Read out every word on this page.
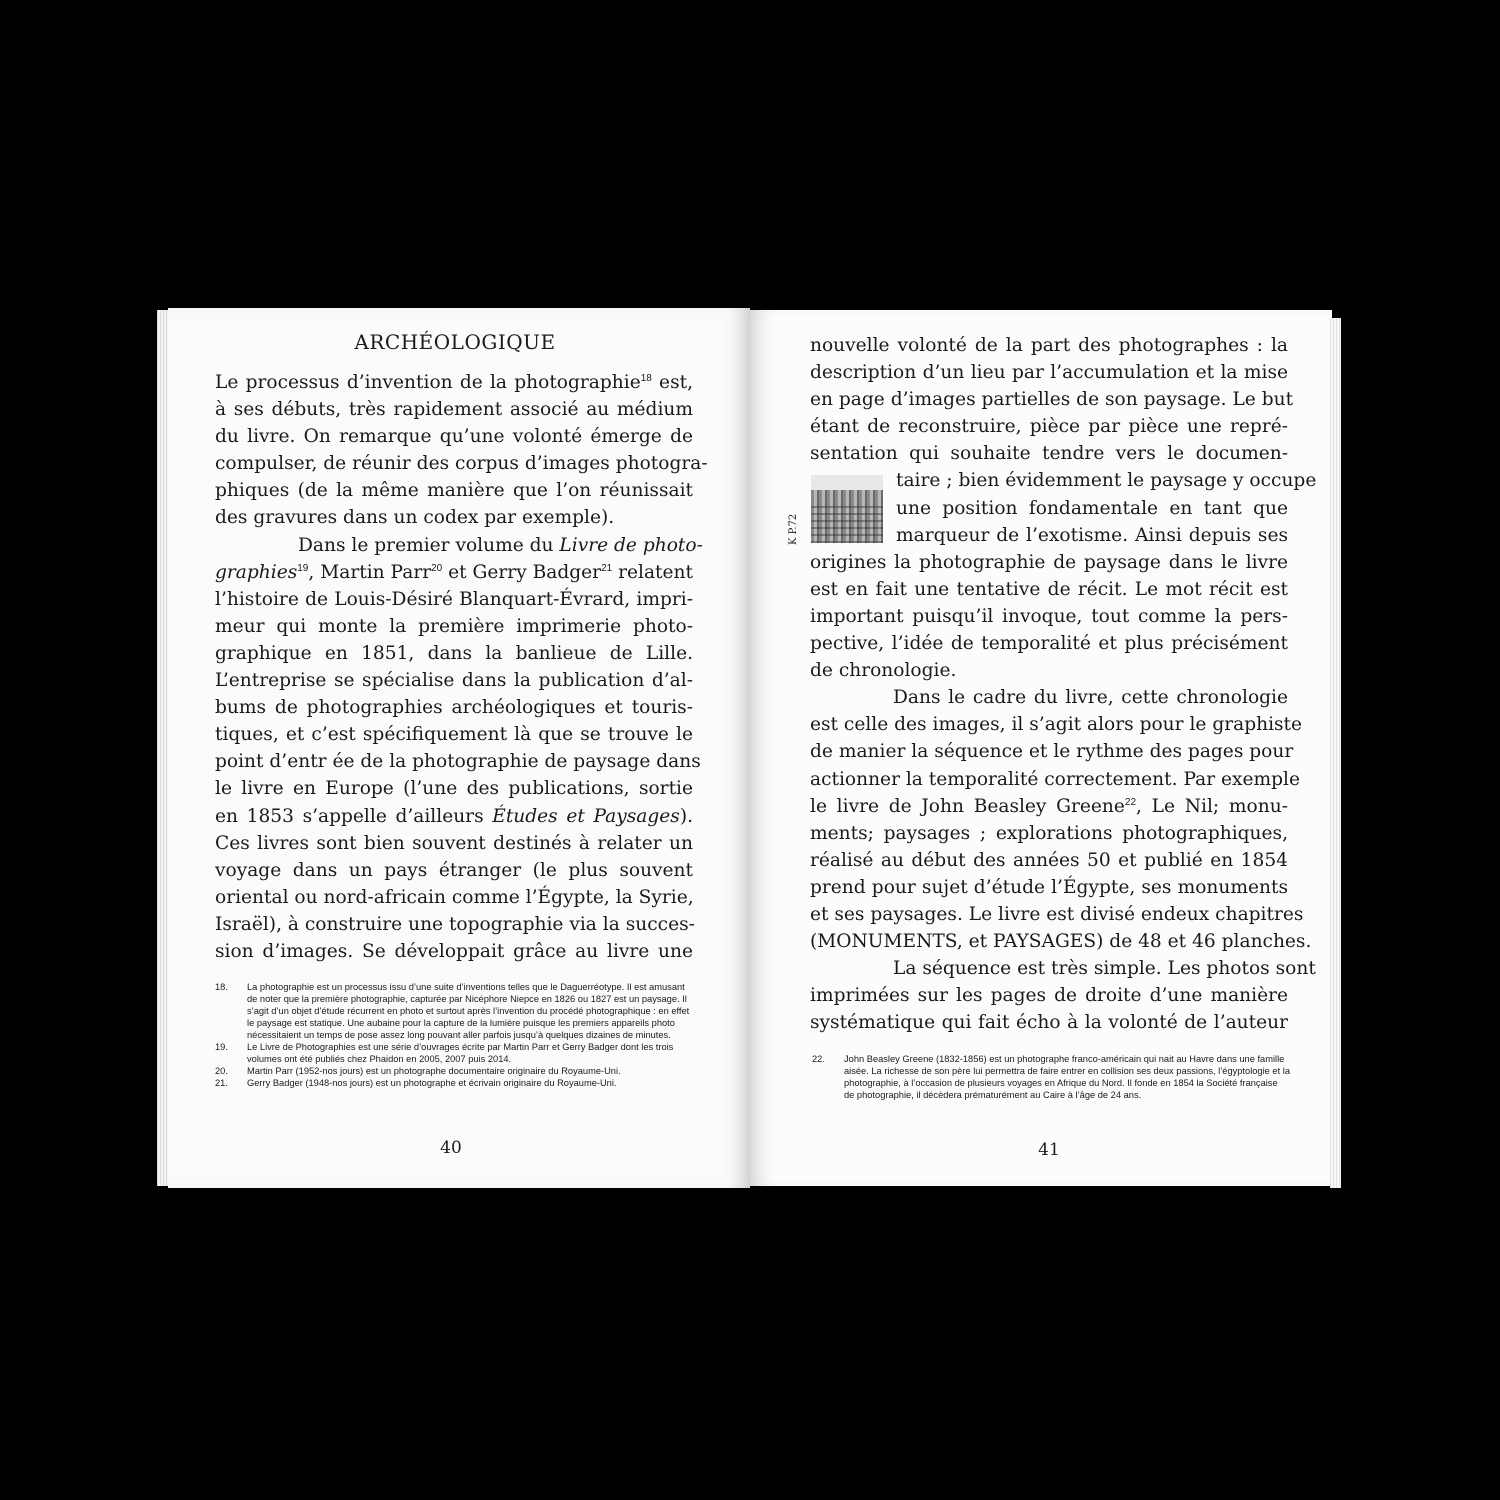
ARCHÉOLOGIQUE
Le processus d’invention de la photographie$^{18}$ est,
à ses débuts, très rapidement associé au médium
du livre. On remarque qu’une volonté émerge de
compulser, de réunir des corpus d’images photogra-
phiques (de la même manière que l’on réunissait
des gravures dans un codex par exemple).
Dans le premier volume du Livre de photo-
graphies$^{19}$, Martin Parr$^{20}$ et Gerry Badger$^{21}$ relatent
l’histoire de Louis-Désiré Blanquart-Évrard, impri-
meur qui monte la première imprimerie photo-
graphique en 1851, dans la banlieue de Lille.
L’entreprise se spécialise dans la publication d’al-
bums de photographies archéologiques et touris-
tiques, et c’est spécifiquement là que se trouve le
point d’entr ée de la photographie de paysage dans
le livre en Europe (l’une des publications, sortie
en 1853 s’appelle d’ailleurs Études et Paysages).
Ces livres sont bien souvent destinés à relater un
voyage dans un pays étranger (le plus souvent
oriental ou nord-africain comme l’Égypte, la Syrie,
Israël), à construire une topographie via la succes-
sion d’images. Se développait grâce au livre une
18.	La photographie est un processus issu d’une suite d’inventions telles que le Daguerréotype. Il est amusant de noter que la première photographie, capturée par Nicéphore Niepce en 1826 ou 1827 est un paysage. Il s’agit d’un objet d’étude récurrent en photo et surtout après l’invention du procédé photographique : en effet le paysage est statique. Une aubaine pour la capture de la lumière puisque les premiers appareils photo nécessitaient un temps de pose assez long pouvant aller parfois jusqu’à quelques dizaines de minutes.
19.	Le Livre de Photographies est une série d’ouvrages écrite par Martin Parr et Gerry Badger dont les trois volumes ont été publiés chez Phaidon en 2005, 2007 puis 2014.
20.	Martin Parr (1952-nos jours) est un photographe documentaire originaire du Royaume-Uni.
21.	Gerry Badger (1948-nos jours) est un photographe et écrivain originaire du Royaume-Uni.
40
K P.72
nouvelle volonté de la part des photographes : la
description d’un lieu par l’accumulation et la mise
en page d’images partielles de son paysage. Le but
étant de reconstruire, pièce par pièce une repré-
sentation qui souhaite tendre vers le documen-
taire ; bien évidemment le paysage y occupe
une position fondamentale en tant que
marqueur de l’exotisme. Ainsi depuis ses
origines la photographie de paysage dans le livre
est en fait une tentative de récit. Le mot récit est
important puisqu’il invoque, tout comme la pers-
pective, l’idée de temporalité et plus précisément
de chronologie.
Dans le cadre du livre, cette chronologie
est celle des images, il s’agit alors pour le graphiste
de manier la séquence et le rythme des pages pour
actionner la temporalité correctement. Par exemple
le livre de John Beasley Greene$^{22}$, Le Nil; monu-
ments; paysages ; explorations photographiques,
réalisé au début des années 50 et publié en 1854
prend pour sujet d’étude l’Égypte, ses monuments
et ses paysages. Le livre est divisé endeux chapitres
(MONUMENTS, et PAYSAGES) de 48 et 46 planches.
La séquence est très simple. Les photos sont
imprimées sur les pages de droite d’une manière
systématique qui fait écho à la volonté de l’auteur
22.	John Beasley Greene (1832-1856) est un photographe franco-américain qui nait au Havre dans une famille aisée. La richesse de son père lui permettra de faire entrer en collision ses deux passions, l’égyptologie et la photographie, à l’occasion de plusieurs voyages en Afrique du Nord. Il fonde en 1854 la Société française de photographie, il décèdera prématurément au Caire à l’âge de 24 ans.
41
